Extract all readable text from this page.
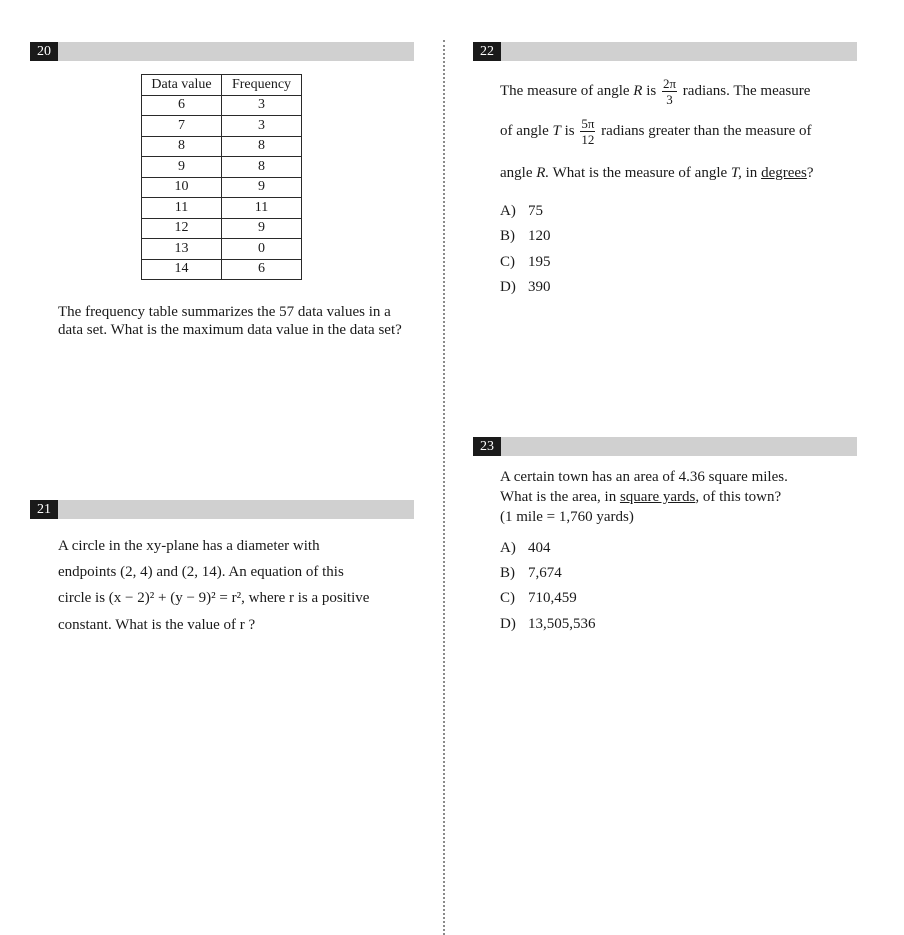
20
Data value	Frequency
6	3
7	3
8	8
9	8
10	9
11	11
12	9
13	0
14	6
The frequency table summarizes the 57 data values in a data set. What is the maximum data value in the data set?
21
A circle in the xy-plane has a diameter with
endpoints (2, 4) and (2, 14). An equation of this
circle is (x − 2)² + (y − 9)² = r², where r is a positive
constant. What is the value of r ?
22
The measure of angle R is $\frac{2\pi}{3}$ radians. The measure
of angle T is $\frac{5\pi}{12}$ radians greater than the measure of
angle R. What is the measure of angle T, in degrees?
A) 75
B) 120
C) 195
D) 390
23
A certain town has an area of 4.36 square miles.
What is the area, in square yards, of this town?
(1 mile = 1,760 yards)
A) 404
B) 7,674
C) 710,459
D) 13,505,536
